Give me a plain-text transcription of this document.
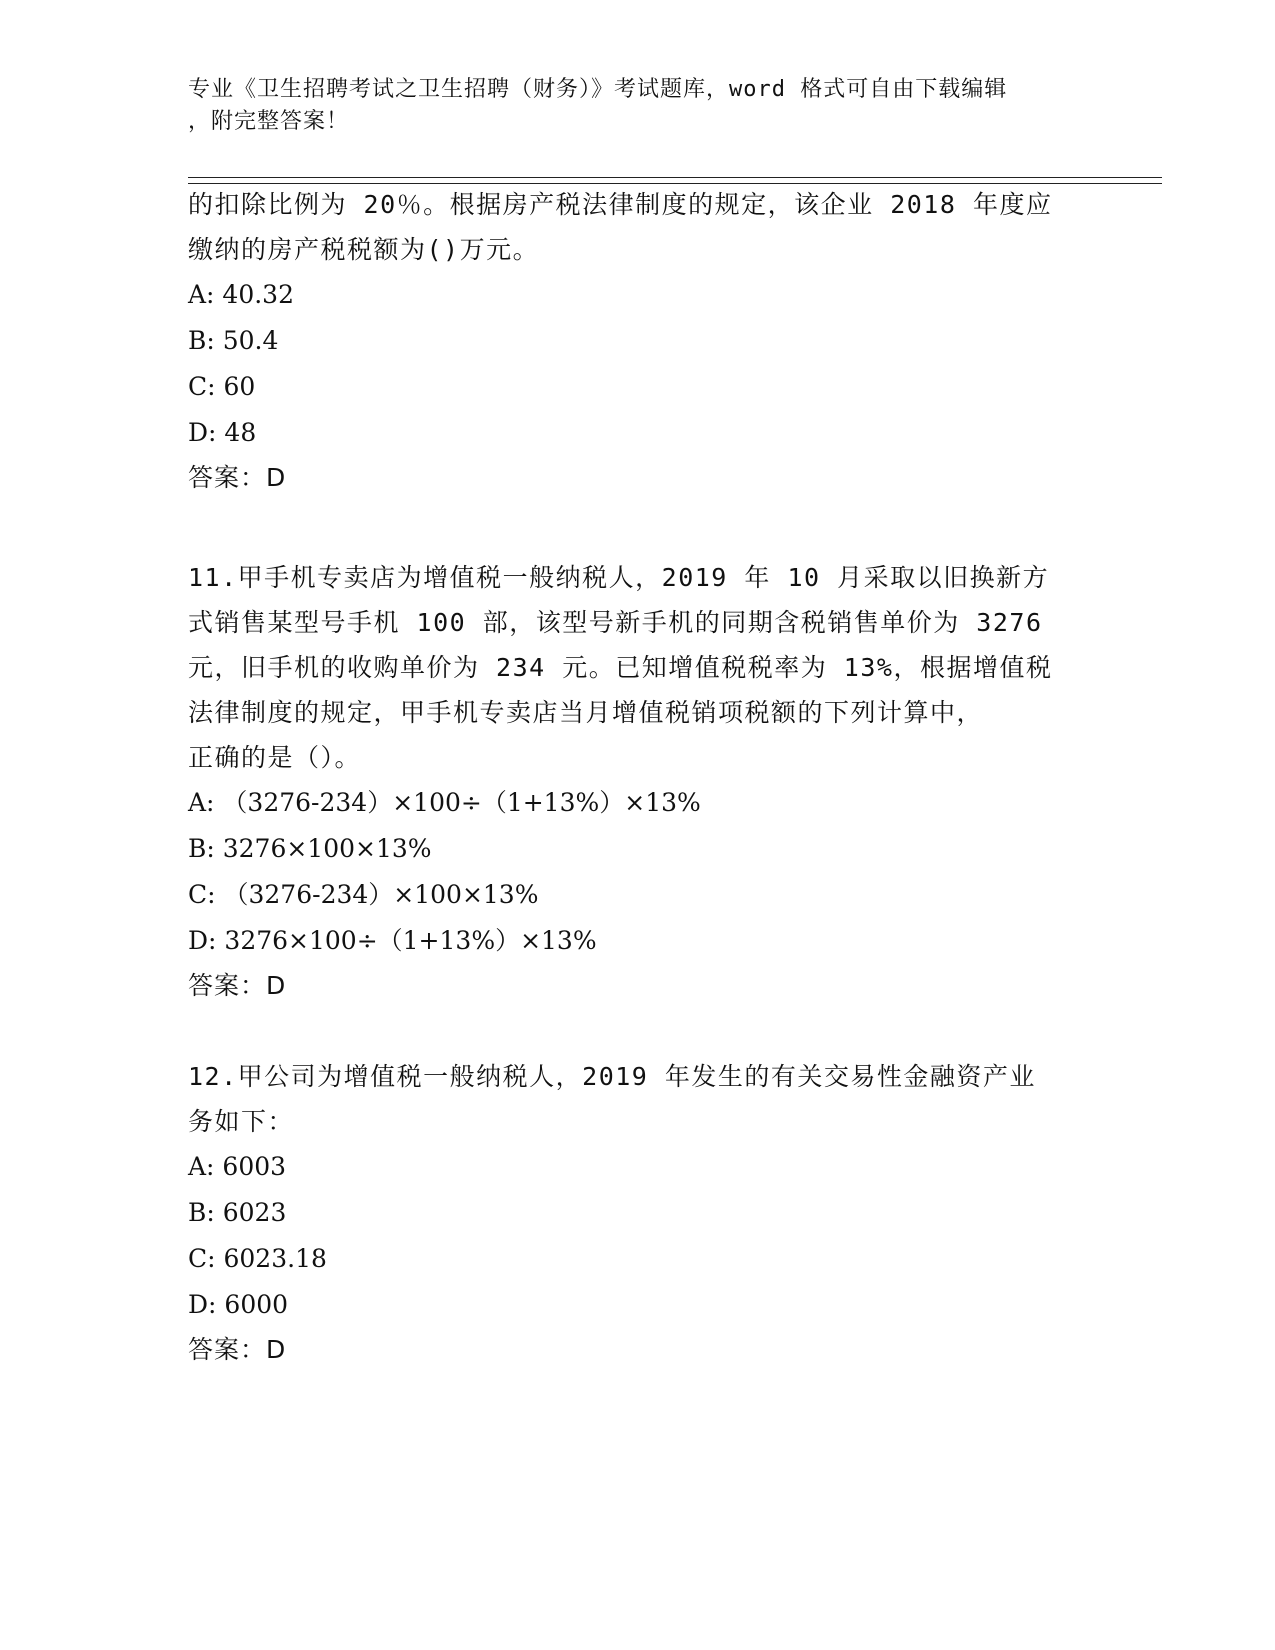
专业《卫生招聘考试之卫生招聘（财务）》考试题库，word 格式可自由下载编辑
，附完整答案！

的扣除比例为 20％。根据房产税法律制度的规定，该企业 2018 年度应

缴纳的房产税税额为()万元。

A: 40.32

B: 50.4

C: 60

D: 48

答案：D

11.甲手机专卖店为增值税一般纳税人，2019 年 10 月采取以旧换新方

式销售某型号手机 100 部，该型号新手机的同期含税销售单价为 3276

元，旧手机的收购单价为 234 元。已知增值税税率为 13%，根据增值税

法律制度的规定，甲手机专卖店当月增值税销项税额的下列计算中，

正确的是（）。

A: （3276-234）×100÷（1+13%）×13%

B: 3276×100×13%

C: （3276-234）×100×13%

D: 3276×100÷（1+13%）×13%

答案：D

12.甲公司为增值税一般纳税人，2019 年发生的有关交易性金融资产业

务如下：

A: 6003

B: 6023

C: 6023.18

D: 6000

答案：D
